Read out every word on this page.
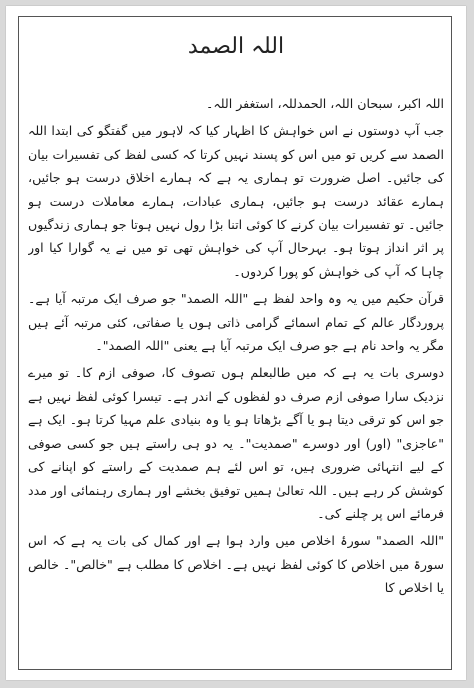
اللہ الصمد

اللہ اکبر، سبحان اللہ، الحمدللہ، استغفر اللہ۔

جب آپ دوستوں نے اس خواہش کا اظہار کیا کہ لاہور میں گفتگو کی ابتدا اللہ الصمد سے کریں تو میں اس کو پسند نہیں کرتا کہ کسی لفظ کی تفسیرات بیان کی جائیں۔ اصل ضرورت تو ہماری یہ ہے کہ ہمارے اخلاق درست ہو جائیں، ہمارے عقائد درست ہو جائیں، ہماری عبادات، ہمارے معاملات درست ہو جائیں۔ تو تفسیرات بیان کرنے کا کوئی اتنا بڑا رول نہیں ہوتا جو ہماری زندگیوں پر اثر انداز ہوتا ہو۔ بہرحال آپ کی خواہش تھی تو میں نے یہ گوارا کیا اور چاہا کہ آپ کی خواہش کو پورا کردوں۔

قرآن حکیم میں یہ وہ واحد لفظ ہے "اللہ الصمد" جو صرف ایک مرتبہ آیا ہے۔ پروردگار عالم کے تمام اسمائے گرامی ذاتی ہوں یا صفاتی، کئی مرتبہ آئے ہیں مگر یہ واحد نام ہے جو صرف ایک مرتبہ آیا ہے یعنی "اللہ الصمد"۔

دوسری بات یہ ہے کہ میں طالبعلم ہوں تصوف کا، صوفی ازم کا۔ تو میرے نزدیک سارا صوفی ازم صرف دو لفظوں کے اندر ہے۔ تیسرا کوئی لفظ نہیں ہے جو اس کو ترقی دیتا ہو یا آگے بڑھاتا ہو یا وہ بنیادی علم مہیا کرتا ہو۔ ایک ہے "عاجزی" (اور) اور دوسرے "صمدیت"۔ یہ دو ہی راستے ہیں جو کسی صوفی کے لیے انتہائی ضروری ہیں، تو اس لئے ہم صمدیت کے راستے کو اپنانے کی کوشش کر رہے ہیں۔ اللہ تعالیٰ ہمیں توفیق بخشے اور ہماری رہنمائی اور مدد فرمائے اس پر چلنے کی۔

"اللہ الصمد" سورۂ اخلاص میں وارد ہوا ہے اور کمال کی بات یہ ہے کہ اس سورۃ میں اخلاص کا کوئی لفظ نہیں ہے۔ اخلاص کا مطلب ہے "خالص"۔ خالص یا اخلاص کا
